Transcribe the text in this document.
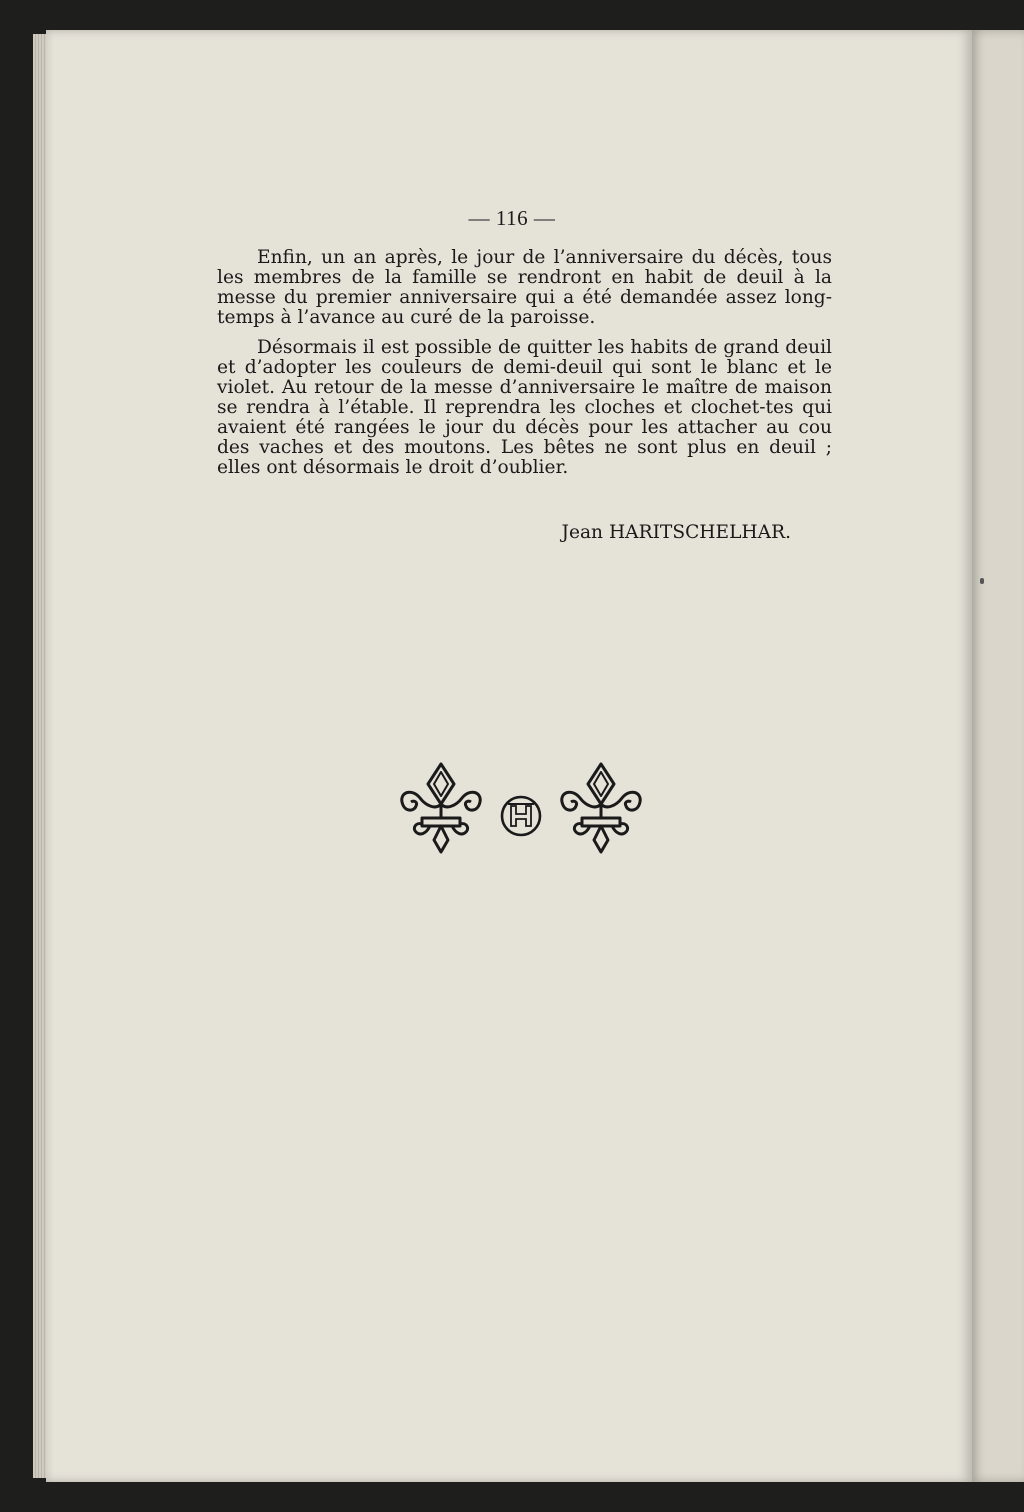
— 116 —

Enfin, un an après, le jour de l’anniversaire du décès, tous les membres de la famille se rendront en habit de deuil à la messe du premier anniversaire qui a été demandée assez long-temps à l’avance au curé de la paroisse.

Désormais il est possible de quitter les habits de grand deuil et d’adopter les couleurs de demi-deuil qui sont le blanc et le violet. Au retour de la messe d’anniversaire le maître de maison se rendra à l’étable. Il reprendra les cloches et clochet-tes qui avaient été rangées le jour du décès pour les attacher au cou des vaches et des moutons. Les bêtes ne sont plus en deuil ; elles ont désormais le droit d’oublier.

Jean HARITSCHELHAR.
